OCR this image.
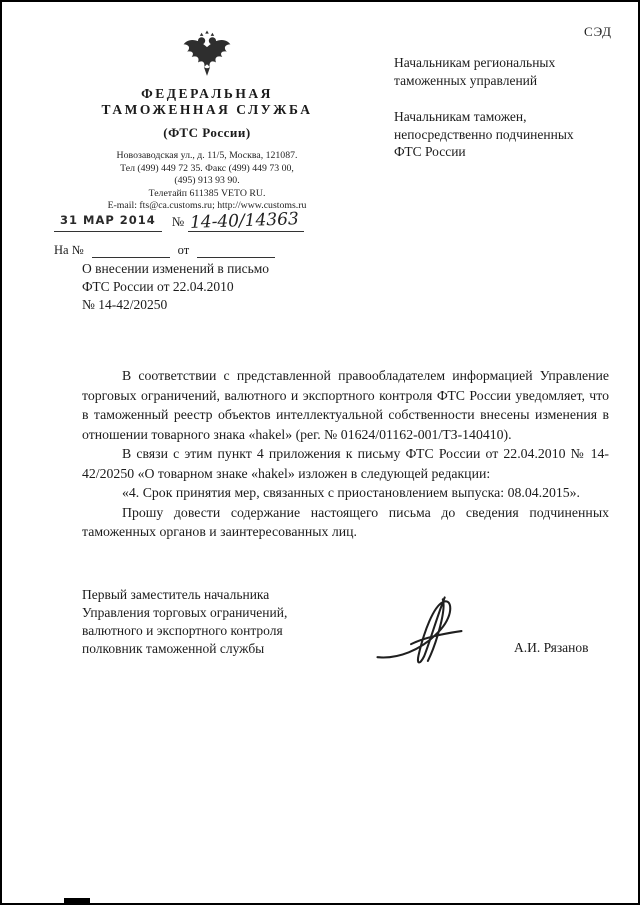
СЭД
ФЕДЕРАЛЬНАЯ
ТАМОЖЕННАЯ СЛУЖБА
(ФТС России)
Новозаводская ул., д. 11/5, Москва, 121087.
Тел (499) 449 72 35. Факс (499) 449 73 00,
(495) 913 93 90.
Телетайп 611385 VETO RU.
E-mail: fts@ca.customs.ru; http://www.customs.ru
31 МАР 2014	№ 14-40/14363
На №	от
Начальникам региональных
таможенных управлений
Начальникам таможен,
непосредственно подчиненных
ФТС России
О внесении изменений в письмо
ФТС России от 22.04.2010
№ 14-42/20250

В соответствии с представленной правообладателем информацией Управление торговых ограничений, валютного и экспортного контроля ФТС России уведомляет, что в таможенный реестр объектов интеллектуальной собственности внесены изменения в отношении товарного знака «hakel» (рег. № 01624/01162-001/ТЗ-140410).

В связи с этим пункт 4 приложения к письму ФТС России от 22.04.2010 № 14-42/20250 «О товарном знаке «hakel» изложен в следующей редакции:

«4. Срок принятия мер, связанных с приостановлением выпуска: 08.04.2015».

Прошу довести содержание настоящего письма до сведения подчиненных таможенных органов и заинтересованных лиц.

Первый заместитель начальника
Управления торговых ограничений,
валютного и экспортного контроля
полковник таможенной службы	А.И. Рязанов
